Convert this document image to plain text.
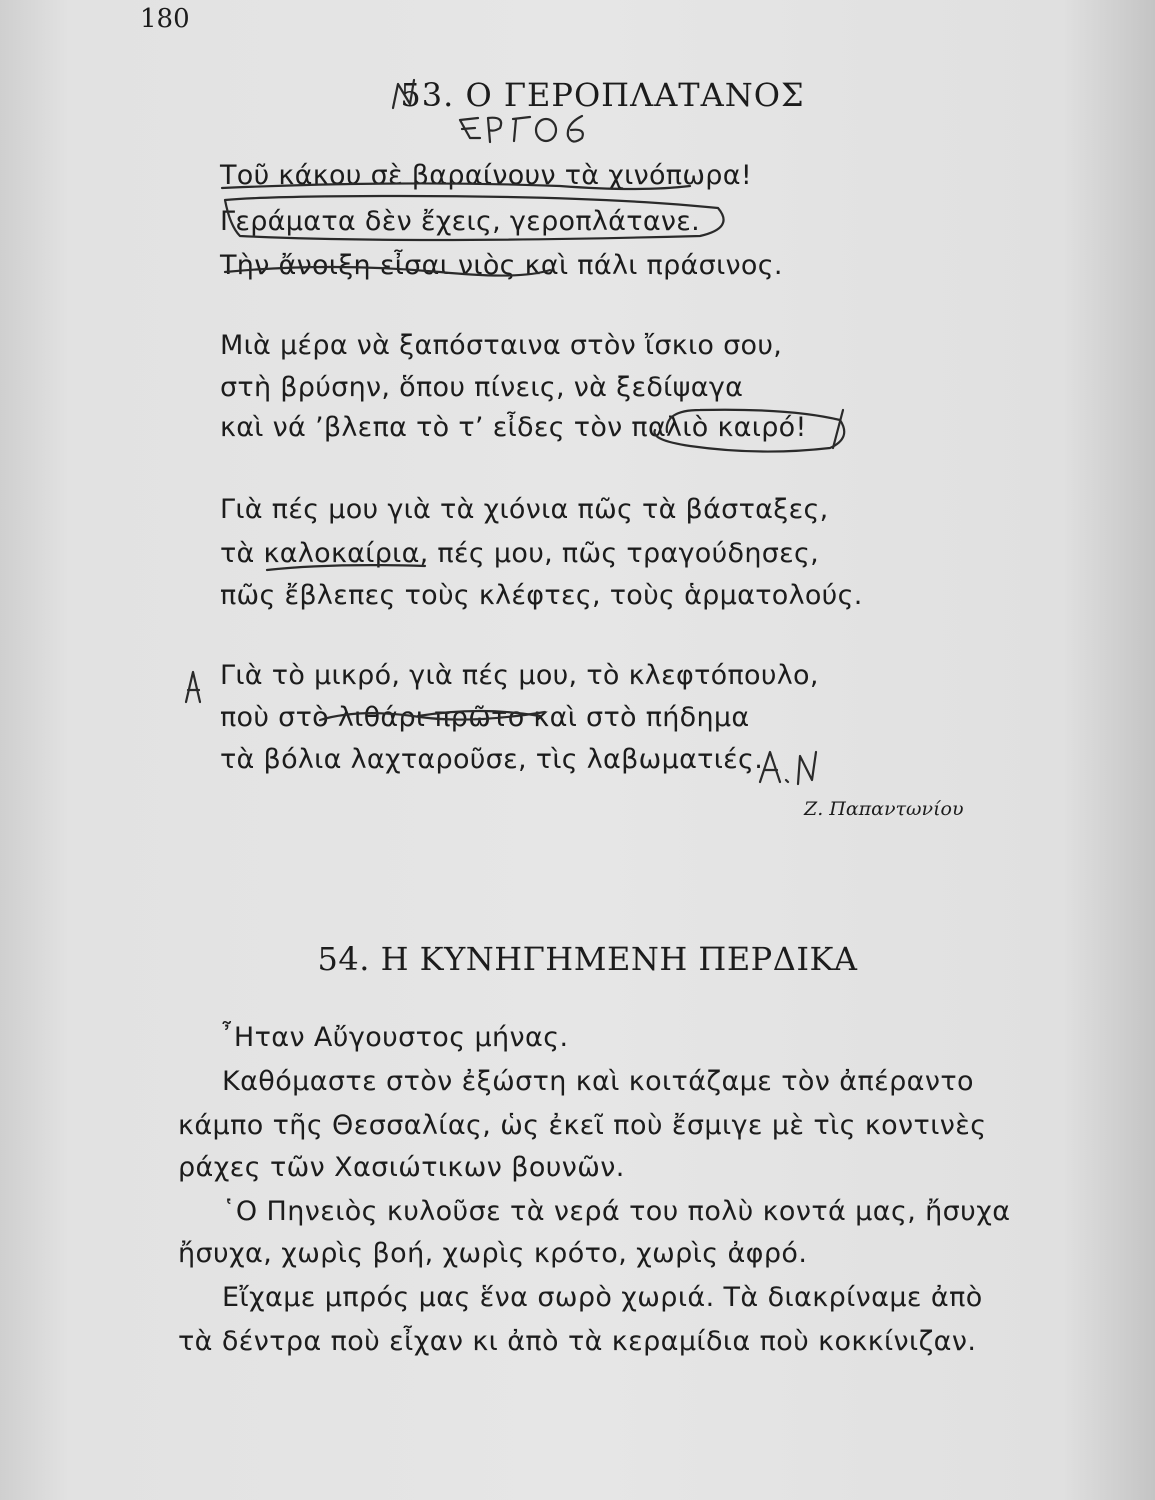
180
53. Ο ΓΕΡΟΠΛΑΤΑΝΟΣ
Τοῦ κάκου σὲ βαραίνουν τὰ χινόπωρα!
Γεράματα δὲν ἔχεις, γεροπλάτανε.
Τὴν ἄνοιξη εἶσαι νιὸς καὶ πάλι πράσινος.
Μιὰ μέρα νὰ ξαπόσταινα στὸν ἴσκιο σου,
στὴ βρύσην, ὅπου πίνεις, νὰ ξεδίψαγα
καὶ νά ’βλεπα τὸ τ’ εἶδες τὸν παλιὸ καιρό!
Γιὰ πές μου γιὰ τὰ χιόνια πῶς τὰ βάσταξες,
τὰ καλοκαίρια, πές μου, πῶς τραγούδησες,
πῶς ἔβλεπες τοὺς κλέφτες, τοὺς ἁρματολούς.
Γιὰ τὸ μικρό, γιὰ πές μου, τὸ κλεφτόπουλο,
ποὺ στὸ λιθάρι πρῶτο καὶ στὸ πήδημα
τὰ βόλια λαχταροῦσε, τὶς λαβωματιές.
Ζ. Παπαντωνίου
54. Η ΚΥΝΗΓΗΜΕΝΗ ΠΕΡΔΙΚΑ
῏Ηταν Αὔγουστος μήνας.
Καθόμαστε στὸν ἐξώστη καὶ κοιτάζαμε τὸν ἀπέραντο
κάμπο τῆς Θεσσαλίας, ὡς ἐκεῖ ποὺ ἔσμιγε μὲ τὶς κοντινὲς
ράχες τῶν Χασιώτικων βουνῶν.
῾Ο Πηνειὸς κυλοῦσε τὰ νερά του πολὺ κοντά μας, ἤσυχα
ἤσυχα, χωρὶς βοή, χωρὶς κρότο, χωρὶς ἀφρό.
Εἴχαμε μπρός μας ἕνα σωρὸ χωριά. Τὰ διακρίναμε ἀπὸ
τὰ δέντρα ποὺ εἶχαν κι ἀπὸ τὰ κεραμίδια ποὺ κοκκίνιζαν.
